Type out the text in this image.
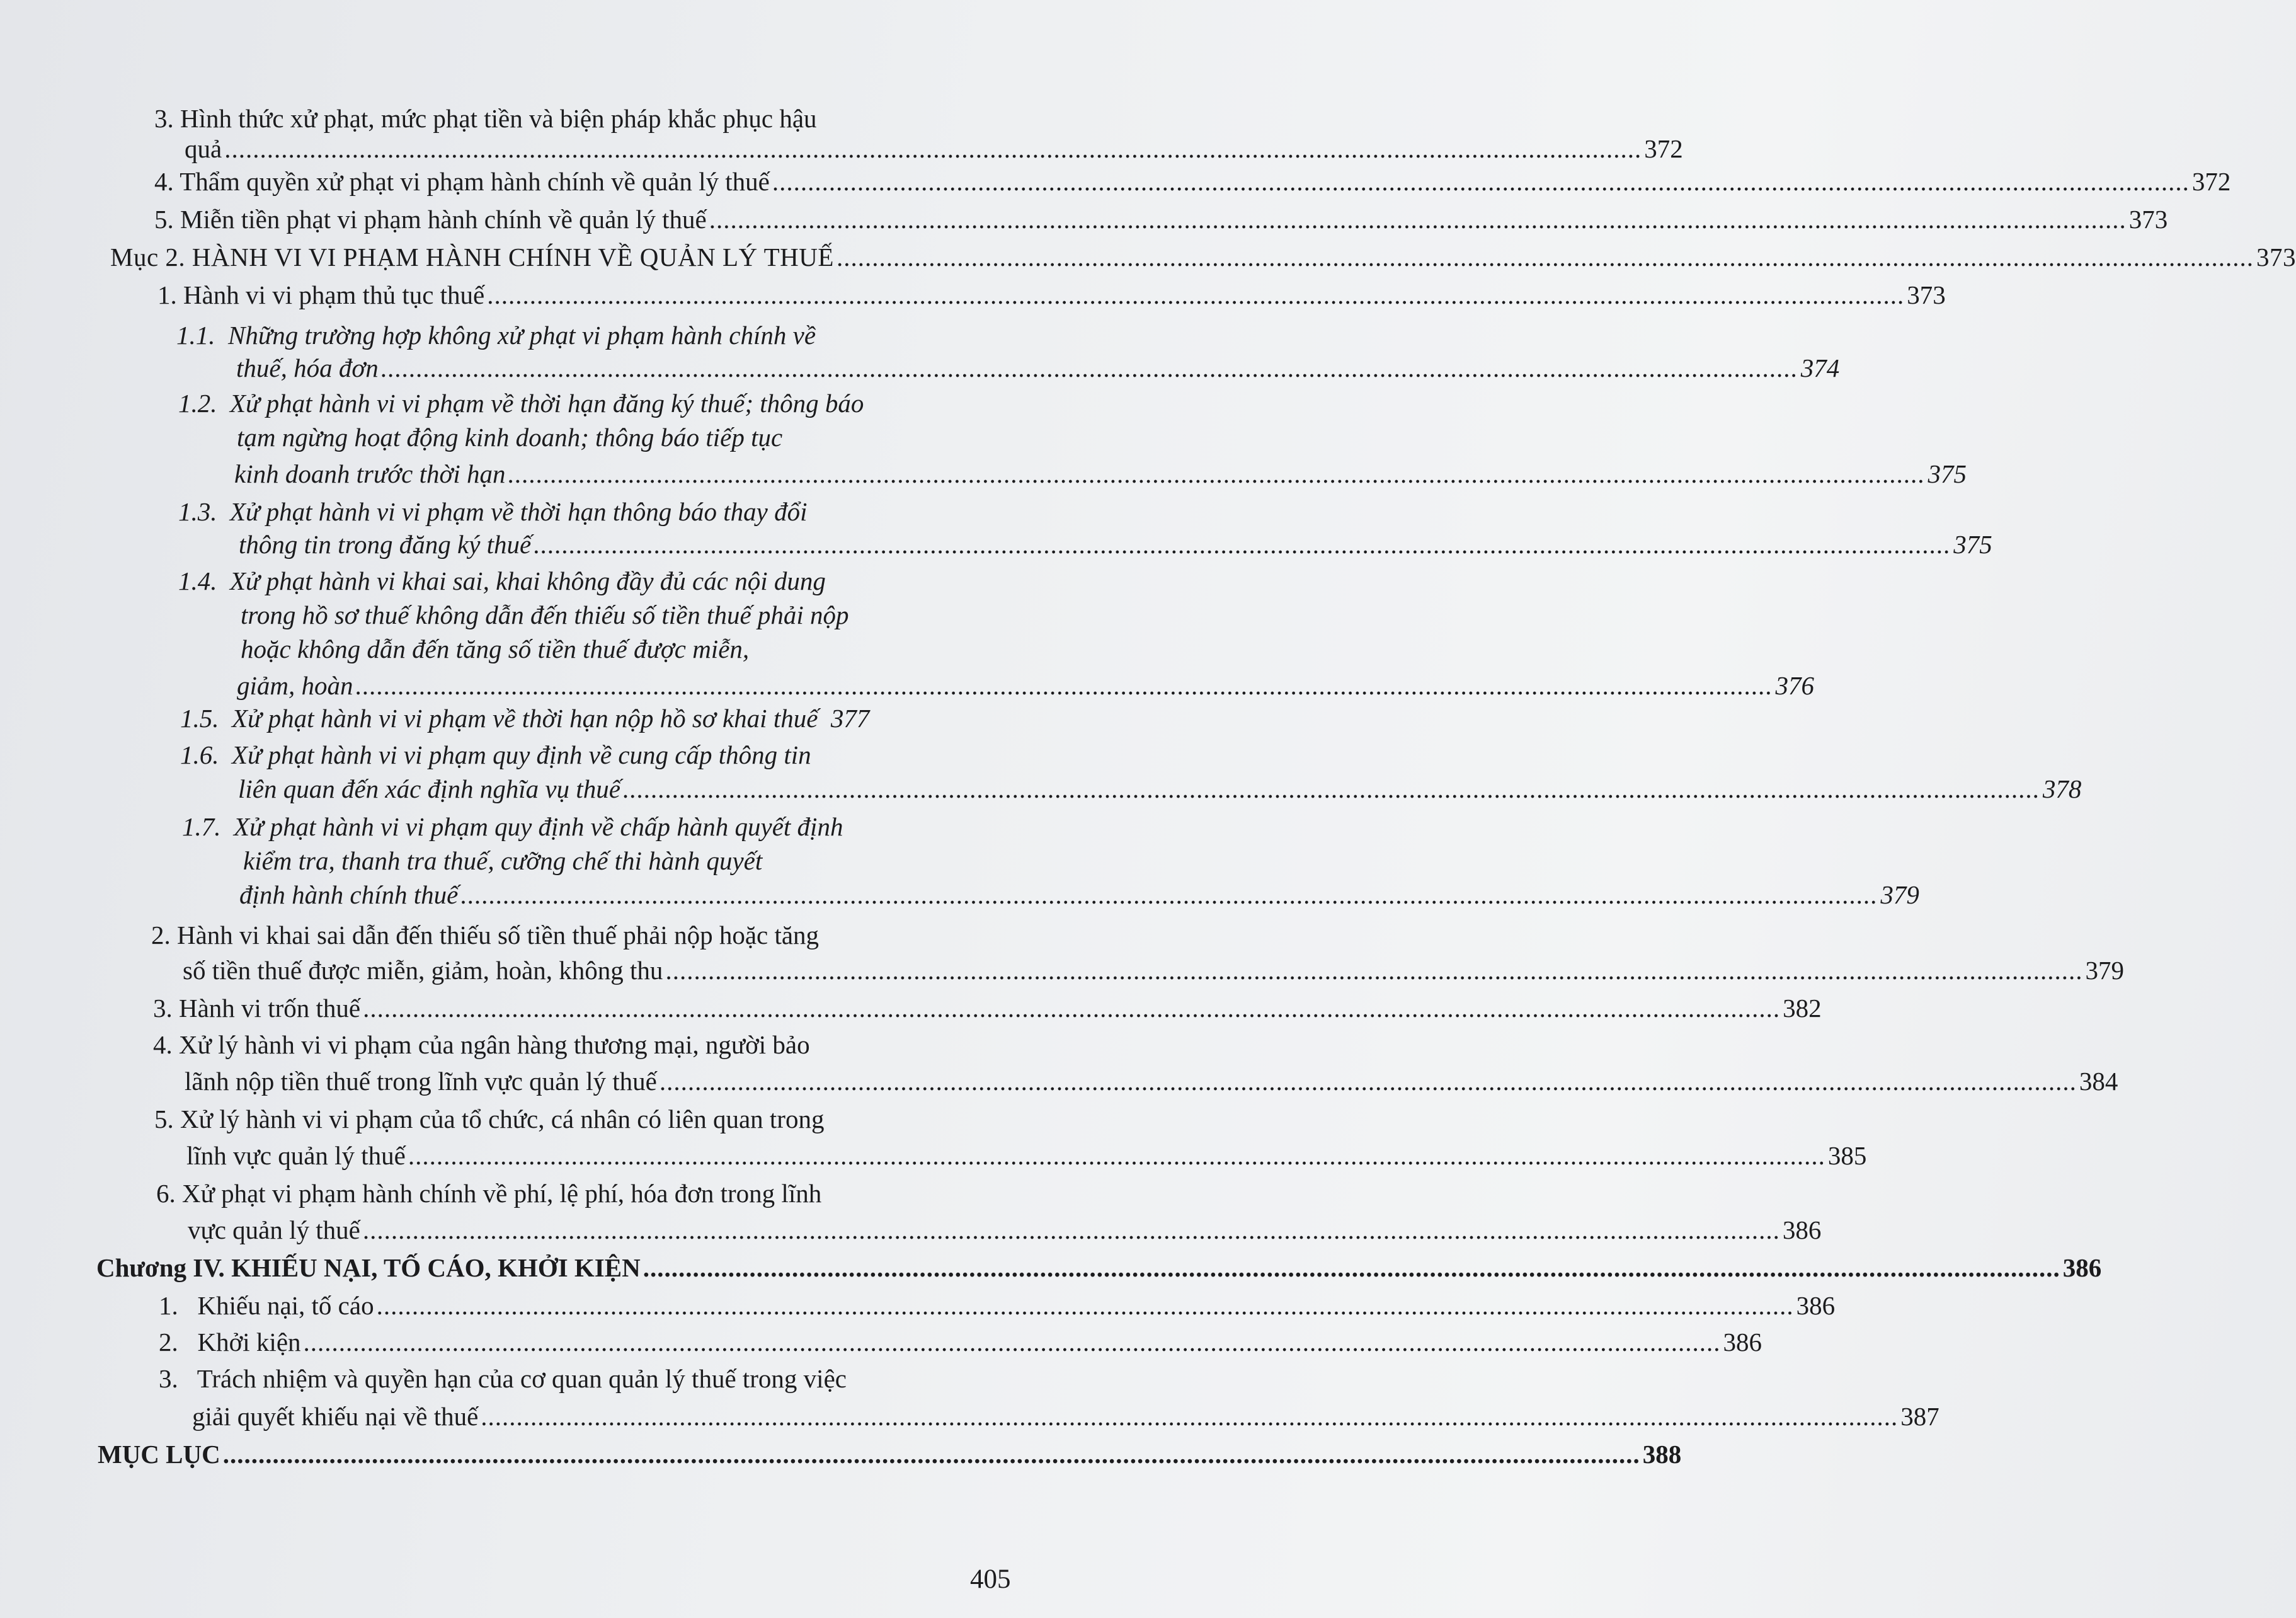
3. Hình thức xử phạt, mức phạt tiền và biện pháp khắc phục hậu
quả ........................................................................................................................................................................................................ 372
4. Thẩm quyền xử phạt vi phạm hành chính về quản lý thuế ........................................................................................................................................................................................................ 372
5. Miễn tiền phạt vi phạm hành chính về quản lý thuế ........................................................................................................................................................................................................ 373
Mục 2. HÀNH VI VI PHẠM HÀNH CHÍNH VỀ QUẢN LÝ THUẾ ........................................................................................................................................................................................................ 373
1. Hành vi vi phạm thủ tục thuế ........................................................................................................................................................................................................ 373
1.1. Những trường hợp không xử phạt vi phạm hành chính về
thuế, hóa đơn ........................................................................................................................................................................................................ 374
1.2. Xử phạt hành vi vi phạm về thời hạn đăng ký thuế; thông báo
tạm ngừng hoạt động kinh doanh; thông báo tiếp tục
kinh doanh trước thời hạn ........................................................................................................................................................................................................ 375
1.3. Xử phạt hành vi vi phạm về thời hạn thông báo thay đổi
thông tin trong đăng ký thuế ........................................................................................................................................................................................................ 375
1.4. Xử phạt hành vi khai sai, khai không đầy đủ các nội dung
trong hồ sơ thuế không dẫn đến thiếu số tiền thuế phải nộp
hoặc không dẫn đến tăng số tiền thuế được miễn,
giảm, hoàn ........................................................................................................................................................................................................ 376
1.5. Xử phạt hành vi vi phạm về thời hạn nộp hồ sơ khai thuế 377
1.6. Xử phạt hành vi vi phạm quy định về cung cấp thông tin
liên quan đến xác định nghĩa vụ thuế ........................................................................................................................................................................................................ 378
1.7. Xử phạt hành vi vi phạm quy định về chấp hành quyết định
kiểm tra, thanh tra thuế, cưỡng chế thi hành quyết
định hành chính thuế ........................................................................................................................................................................................................ 379
2. Hành vi khai sai dẫn đến thiếu số tiền thuế phải nộp hoặc tăng
số tiền thuế được miễn, giảm, hoàn, không thu ........................................................................................................................................................................................................ 379
3. Hành vi trốn thuế ........................................................................................................................................................................................................ 382
4. Xử lý hành vi vi phạm của ngân hàng thương mại, người bảo
lãnh nộp tiền thuế trong lĩnh vực quản lý thuế ........................................................................................................................................................................................................ 384
5. Xử lý hành vi vi phạm của tổ chức, cá nhân có liên quan trong
lĩnh vực quản lý thuế ........................................................................................................................................................................................................ 385
6. Xử phạt vi phạm hành chính về phí, lệ phí, hóa đơn trong lĩnh
vực quản lý thuế ........................................................................................................................................................................................................ 386
Chương IV. KHIẾU NẠI, TỐ CÁO, KHỞI KIỆN ........................................................................................................................................................................................................ 386
1. Khiếu nại, tố cáo ........................................................................................................................................................................................................ 386
2. Khởi kiện ........................................................................................................................................................................................................ 386
3. Trách nhiệm và quyền hạn của cơ quan quản lý thuế trong việc
giải quyết khiếu nại về thuế ........................................................................................................................................................................................................ 387
MỤC LỤC ........................................................................................................................................................................................................ 388
405
